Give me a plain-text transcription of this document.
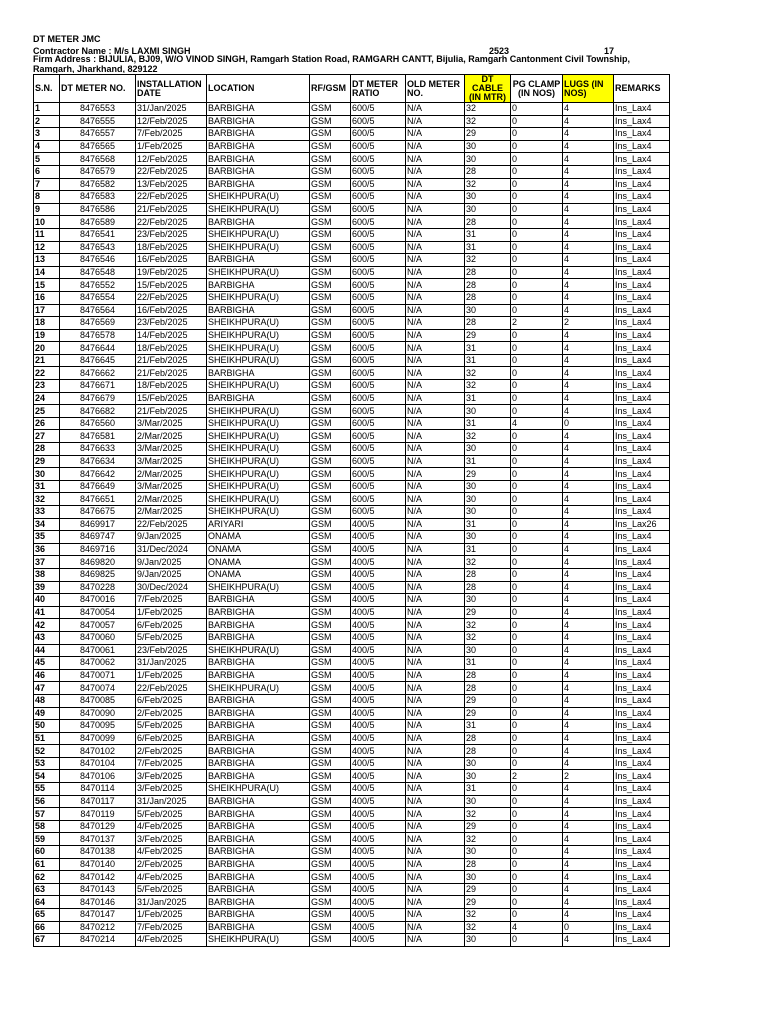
DT METER JMC
Contractor Name : M/s LAXMI SINGH	2523	17
Firm Address : BIJULIA, BJ09, W/O VINOD SINGH, Ramgarh Station Road, RAMGARH CANTT, Bijulia, Ramgarh Cantonment Civil Township, Ramgarh, Jharkhand, 829122
S.N.	DT METER NO.	INSTALLATION DATE	LOCATION	RF/GSM	DT METER RATIO	OLD METER NO.	DT CABLE (IN MTR)	PG CLAMP (IN NOS)	LUGS (IN NOS)	REMARKS
1	8476553	31/Jan/2025	BARBIGHA	GSM	600/5	N/A	32	0	4	Ins_Lax4
2	8476555	12/Feb/2025	BARBIGHA	GSM	600/5	N/A	32	0	4	Ins_Lax4
3	8476557	7/Feb/2025	BARBIGHA	GSM	600/5	N/A	29	0	4	Ins_Lax4
4	8476565	1/Feb/2025	BARBIGHA	GSM	600/5	N/A	30	0	4	Ins_Lax4
5	8476568	12/Feb/2025	BARBIGHA	GSM	600/5	N/A	30	0	4	Ins_Lax4
6	8476579	22/Feb/2025	BARBIGHA	GSM	600/5	N/A	28	0	4	Ins_Lax4
7	8476582	13/Feb/2025	BARBIGHA	GSM	600/5	N/A	32	0	4	Ins_Lax4
8	8476583	22/Feb/2025	SHEIKHPURA(U)	GSM	600/5	N/A	30	0	4	Ins_Lax4
9	8476586	21/Feb/2025	SHEIKHPURA(U)	GSM	600/5	N/A	30	0	4	Ins_Lax4
10	8476589	22/Feb/2025	BARBIGHA	GSM	600/5	N/A	28	0	4	Ins_Lax4
11	8476541	23/Feb/2025	SHEIKHPURA(U)	GSM	600/5	N/A	31	0	4	Ins_Lax4
12	8476543	18/Feb/2025	SHEIKHPURA(U)	GSM	600/5	N/A	31	0	4	Ins_Lax4
13	8476546	16/Feb/2025	BARBIGHA	GSM	600/5	N/A	32	0	4	Ins_Lax4
14	8476548	19/Feb/2025	SHEIKHPURA(U)	GSM	600/5	N/A	28	0	4	Ins_Lax4
15	8476552	15/Feb/2025	BARBIGHA	GSM	600/5	N/A	28	0	4	Ins_Lax4
16	8476554	22/Feb/2025	SHEIKHPURA(U)	GSM	600/5	N/A	28	0	4	Ins_Lax4
17	8476564	16/Feb/2025	BARBIGHA	GSM	600/5	N/A	30	0	4	Ins_Lax4
18	8476569	23/Feb/2025	SHEIKHPURA(U)	GSM	600/5	N/A	28	2	2	Ins_Lax4
19	8476578	14/Feb/2025	SHEIKHPURA(U)	GSM	600/5	N/A	29	0	4	Ins_Lax4
20	8476644	18/Feb/2025	SHEIKHPURA(U)	GSM	600/5	N/A	31	0	4	Ins_Lax4
21	8476645	21/Feb/2025	SHEIKHPURA(U)	GSM	600/5	N/A	31	0	4	Ins_Lax4
22	8476662	21/Feb/2025	BARBIGHA	GSM	600/5	N/A	32	0	4	Ins_Lax4
23	8476671	18/Feb/2025	SHEIKHPURA(U)	GSM	600/5	N/A	32	0	4	Ins_Lax4
24	8476679	15/Feb/2025	BARBIGHA	GSM	600/5	N/A	31	0	4	Ins_Lax4
25	8476682	21/Feb/2025	SHEIKHPURA(U)	GSM	600/5	N/A	30	0	4	Ins_Lax4
26	8476560	3/Mar/2025	SHEIKHPURA(U)	GSM	600/5	N/A	31	4	0	Ins_Lax4
27	8476581	2/Mar/2025	SHEIKHPURA(U)	GSM	600/5	N/A	32	0	4	Ins_Lax4
28	8476633	3/Mar/2025	SHEIKHPURA(U)	GSM	600/5	N/A	30	0	4	Ins_Lax4
29	8476634	3/Mar/2025	SHEIKHPURA(U)	GSM	600/5	N/A	31	0	4	Ins_Lax4
30	8476642	2/Mar/2025	SHEIKHPURA(U)	GSM	600/5	N/A	29	0	4	Ins_Lax4
31	8476649	3/Mar/2025	SHEIKHPURA(U)	GSM	600/5	N/A	30	0	4	Ins_Lax4
32	8476651	2/Mar/2025	SHEIKHPURA(U)	GSM	600/5	N/A	30	0	4	Ins_Lax4
33	8476675	2/Mar/2025	SHEIKHPURA(U)	GSM	600/5	N/A	30	0	4	Ins_Lax4
34	8469917	22/Feb/2025	ARIYARI	GSM	400/5	N/A	31	0	4	Ins_Lax26
35	8469747	9/Jan/2025	ONAMA	GSM	400/5	N/A	30	0	4	Ins_Lax4
36	8469716	31/Dec/2024	ONAMA	GSM	400/5	N/A	31	0	4	Ins_Lax4
37	8469820	9/Jan/2025	ONAMA	GSM	400/5	N/A	32	0	4	Ins_Lax4
38	8469825	9/Jan/2025	ONAMA	GSM	400/5	N/A	28	0	4	Ins_Lax4
39	8470228	30/Dec/2024	SHEIKHPURA(U)	GSM	400/5	N/A	28	0	4	Ins_Lax4
40	8470016	7/Feb/2025	BARBIGHA	GSM	400/5	N/A	30	0	4	Ins_Lax4
41	8470054	1/Feb/2025	BARBIGHA	GSM	400/5	N/A	29	0	4	Ins_Lax4
42	8470057	6/Feb/2025	BARBIGHA	GSM	400/5	N/A	32	0	4	Ins_Lax4
43	8470060	5/Feb/2025	BARBIGHA	GSM	400/5	N/A	32	0	4	Ins_Lax4
44	8470061	23/Feb/2025	SHEIKHPURA(U)	GSM	400/5	N/A	30	0	4	Ins_Lax4
45	8470062	31/Jan/2025	BARBIGHA	GSM	400/5	N/A	31	0	4	Ins_Lax4
46	8470071	1/Feb/2025	BARBIGHA	GSM	400/5	N/A	28	0	4	Ins_Lax4
47	8470074	22/Feb/2025	SHEIKHPURA(U)	GSM	400/5	N/A	28	0	4	Ins_Lax4
48	8470085	6/Feb/2025	BARBIGHA	GSM	400/5	N/A	29	0	4	Ins_Lax4
49	8470090	2/Feb/2025	BARBIGHA	GSM	400/5	N/A	29	0	4	Ins_Lax4
50	8470095	5/Feb/2025	BARBIGHA	GSM	400/5	N/A	31	0	4	Ins_Lax4
51	8470099	6/Feb/2025	BARBIGHA	GSM	400/5	N/A	28	0	4	Ins_Lax4
52	8470102	2/Feb/2025	BARBIGHA	GSM	400/5	N/A	28	0	4	Ins_Lax4
53	8470104	7/Feb/2025	BARBIGHA	GSM	400/5	N/A	30	0	4	Ins_Lax4
54	8470106	3/Feb/2025	BARBIGHA	GSM	400/5	N/A	30	2	2	Ins_Lax4
55	8470114	3/Feb/2025	SHEIKHPURA(U)	GSM	400/5	N/A	31	0	4	Ins_Lax4
56	8470117	31/Jan/2025	BARBIGHA	GSM	400/5	N/A	30	0	4	Ins_Lax4
57	8470119	5/Feb/2025	BARBIGHA	GSM	400/5	N/A	32	0	4	Ins_Lax4
58	8470129	4/Feb/2025	BARBIGHA	GSM	400/5	N/A	29	0	4	Ins_Lax4
59	8470137	3/Feb/2025	BARBIGHA	GSM	400/5	N/A	32	0	4	Ins_Lax4
60	8470138	4/Feb/2025	BARBIGHA	GSM	400/5	N/A	30	0	4	Ins_Lax4
61	8470140	2/Feb/2025	BARBIGHA	GSM	400/5	N/A	28	0	4	Ins_Lax4
62	8470142	4/Feb/2025	BARBIGHA	GSM	400/5	N/A	30	0	4	Ins_Lax4
63	8470143	5/Feb/2025	BARBIGHA	GSM	400/5	N/A	29	0	4	Ins_Lax4
64	8470146	31/Jan/2025	BARBIGHA	GSM	400/5	N/A	29	0	4	Ins_Lax4
65	8470147	1/Feb/2025	BARBIGHA	GSM	400/5	N/A	32	0	4	Ins_Lax4
66	8470212	7/Feb/2025	BARBIGHA	GSM	400/5	N/A	32	4	0	Ins_Lax4
67	8470214	4/Feb/2025	SHEIKHPURA(U)	GSM	400/5	N/A	30	0	4	Ins_Lax4
